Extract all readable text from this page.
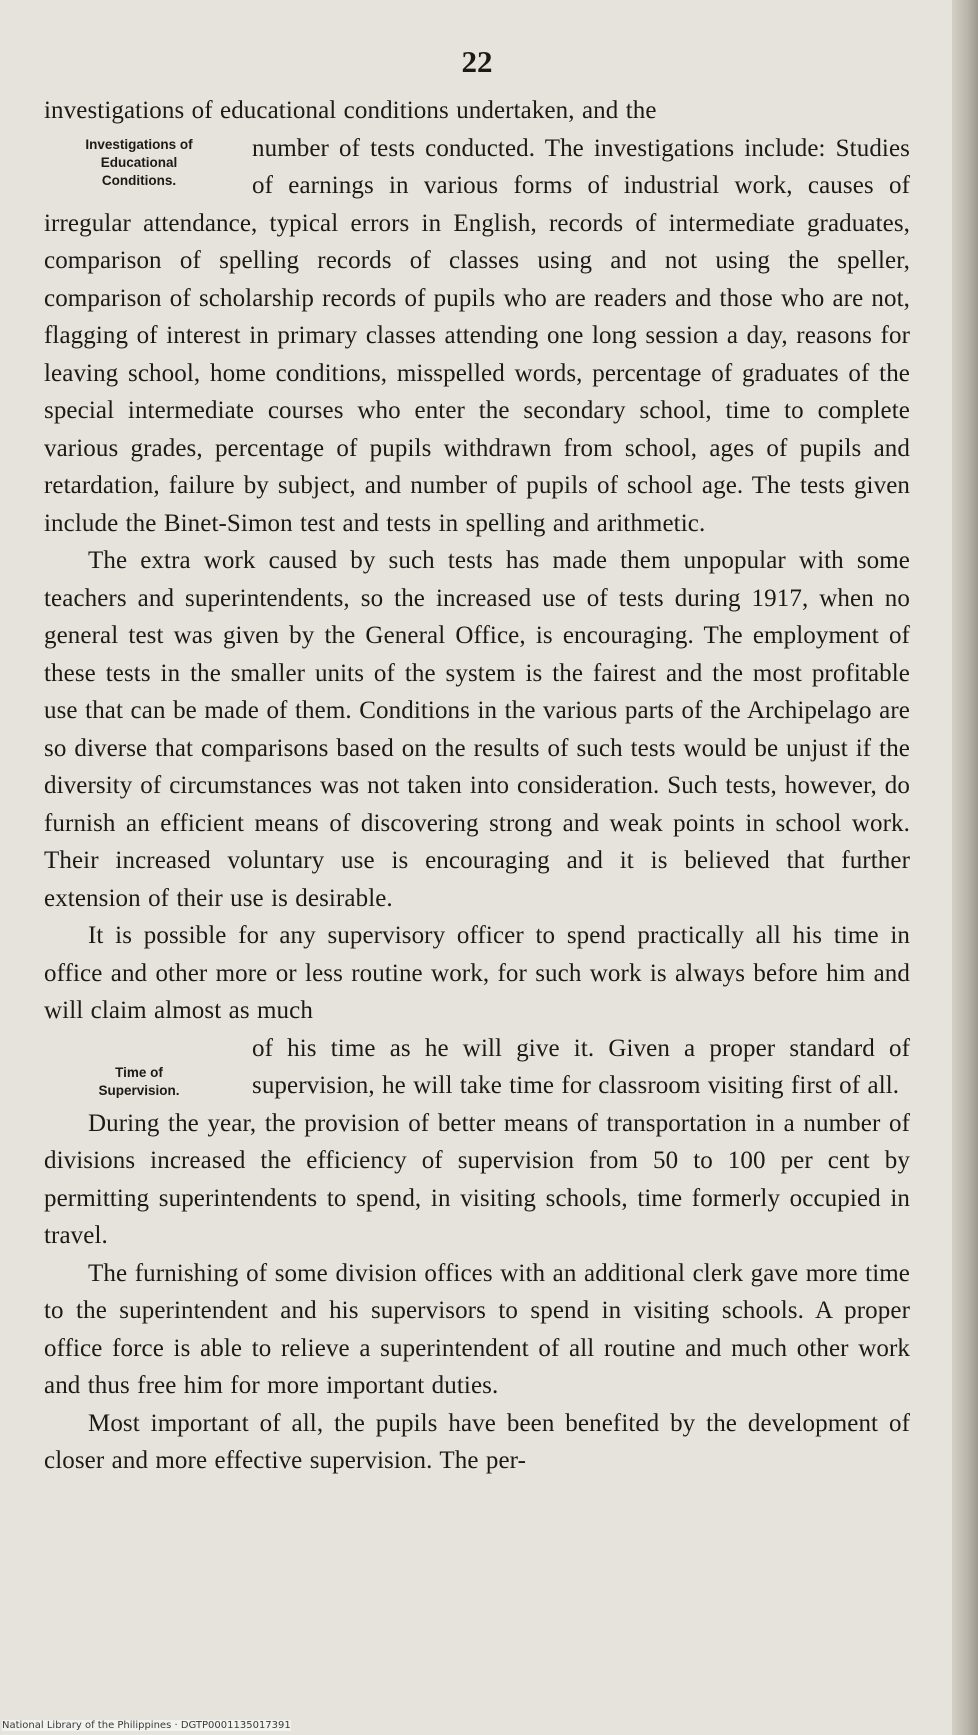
22

investigations of educational conditions undertaken, and the

Investigations of
Educational
Conditions.

number of tests conducted. The investigations include: Studies of earnings in various forms of industrial work, causes of irregular attendance, typical errors in English, records of intermediate graduates, comparison of spelling records of classes using and not using the speller, comparison of scholarship records of pupils who are readers and those who are not, flagging of interest in primary classes attending one long session a day, reasons for leaving school, home conditions, misspelled words, percentage of graduates of the special intermediate courses who enter the secondary school, time to complete various grades, percentage of pupils withdrawn from school, ages of pupils and retardation, failure by subject, and number of pupils of school age. The tests given include the Binet-Simon test and tests in spelling and arithmetic.

The extra work caused by such tests has made them unpopular with some teachers and superintendents, so the increased use of tests during 1917, when no general test was given by the General Office, is encouraging. The employment of these tests in the smaller units of the system is the fairest and the most profitable use that can be made of them. Conditions in the various parts of the Archipelago are so diverse that comparisons based on the results of such tests would be unjust if the diversity of circumstances was not taken into consideration. Such tests, however, do furnish an efficient means of discovering strong and weak points in school work. Their increased voluntary use is encouraging and it is believed that further extension of their use is desirable.

It is possible for any supervisory officer to spend practically all his time in office and other more or less routine work, for such work is always before him and will claim almost as much

Time of
Supervision.

of his time as he will give it. Given a proper standard of supervision, he will take time for classroom visiting first of all.

During the year, the provision of better means of transportation in a number of divisions increased the efficiency of supervision from 50 to 100 per cent by permitting superintendents to spend, in visiting schools, time formerly occupied in travel.

The furnishing of some division offices with an additional clerk gave more time to the superintendent and his supervisors to spend in visiting schools. A proper office force is able to relieve a superintendent of all routine and much other work and thus free him for more important duties.

Most important of all, the pupils have been benefited by the development of closer and more effective supervision. The per-

National Library of the Philippines · DGTP0001135017391
